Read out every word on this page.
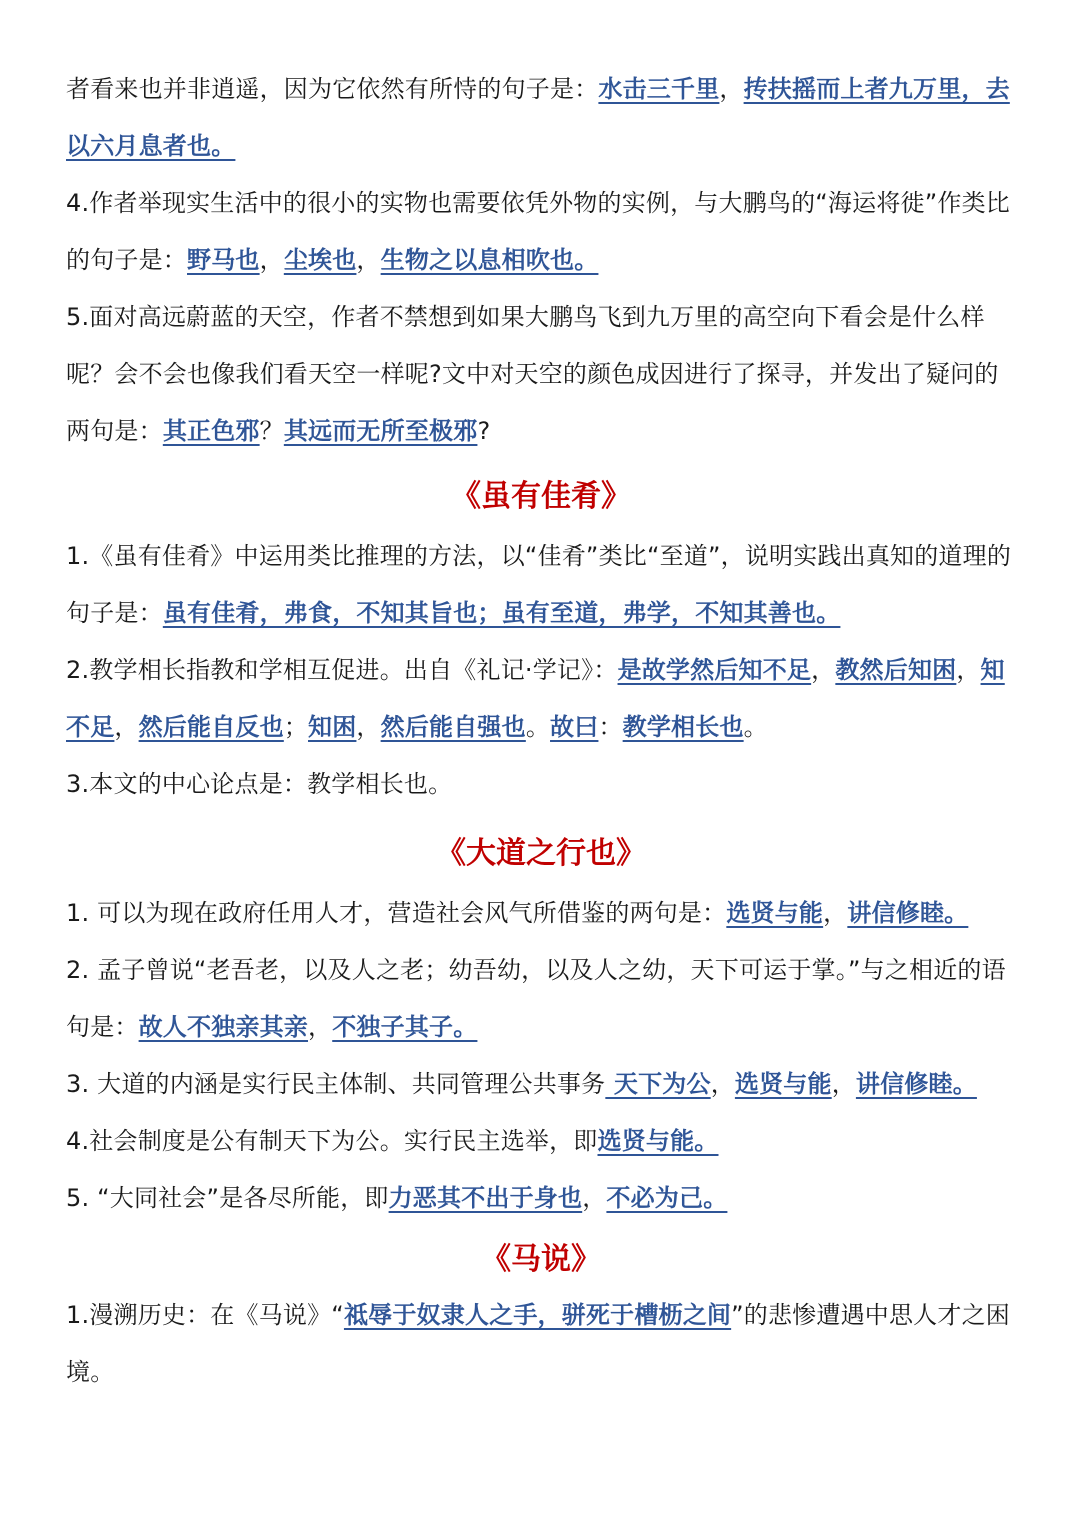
者看来也并非逍遥，因为它依然有所恃的句子是：水击三千里，抟扶摇而上者九万里，去以六月息者也。

4.作者举现实生活中的很小的实物也需要依凭外物的实例，与大鹏鸟的“海运将徙”作类比的句子是：野马也，尘埃也，生物之以息相吹也。

5.面对高远蔚蓝的天空，作者不禁想到如果大鹏鸟飞到九万里的高空向下看会是什么样呢？会不会也像我们看天空一样呢?文中对天空的颜色成因进行了探寻，并发出了疑问的两句是：其正色邪？其远而无所至极邪?

《虽有佳肴》

1.《虽有佳肴》中运用类比推理的方法，以“佳肴”类比“至道”，说明实践出真知的道理的句子是：虽有佳肴，弗食，不知其旨也；虽有至道，弗学，不知其善也。

2.教学相长指教和学相互促进。出自《礼记·学记》：是故学然后知不足，教然后知困，知不足，然后能自反也；知困，然后能自强也。故曰：教学相长也。

3.本文的中心论点是：教学相长也。

《大道之行也》

1. 可以为现在政府任用人才，营造社会风气所借鉴的两句是：选贤与能，讲信修睦。

2. 孟子曾说“老吾老，以及人之老；幼吾幼，以及人之幼，天下可运于掌。”与之相近的语句是：故人不独亲其亲，不独子其子。

3. 大道的内涵是实行民主体制、共同管理公共事务 天下为公，选贤与能，讲信修睦。

4.社会制度是公有制天下为公。实行民主选举，即选贤与能。

5. “大同社会”是各尽所能，即力恶其不出于身也，不必为己。

《马说》

1.漫溯历史：在《马说》“祗辱于奴隶人之手，骈死于槽枥之间”的悲惨遭遇中思人才之困境。
